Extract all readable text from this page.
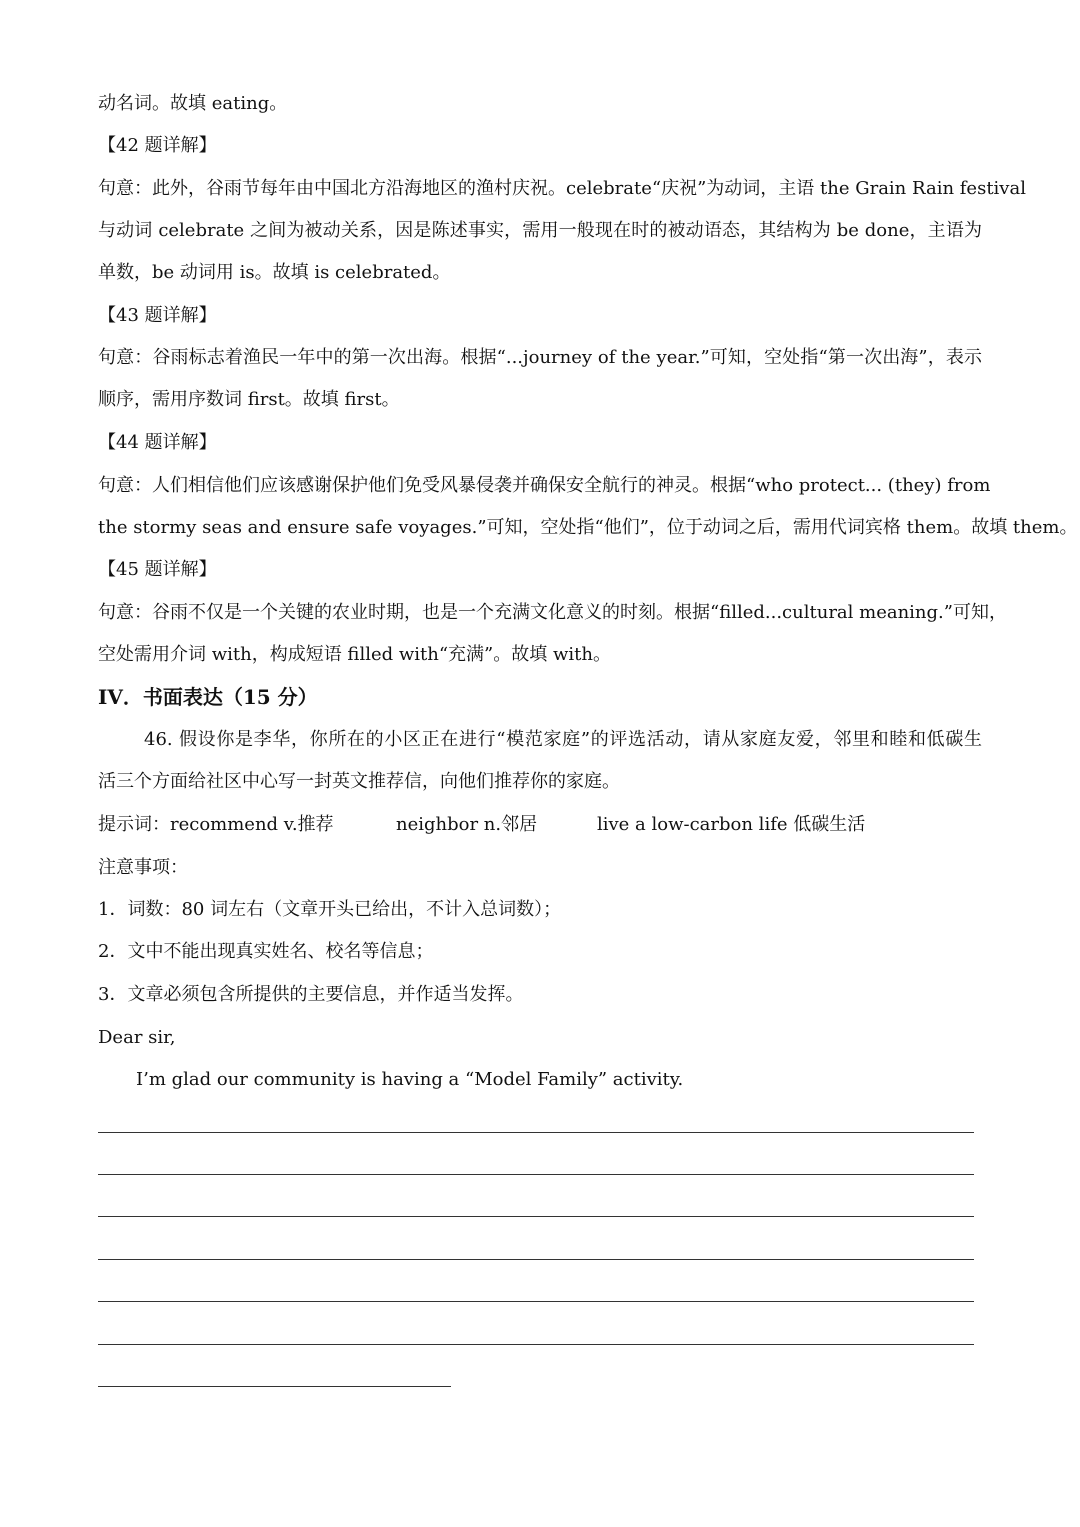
动名词。故填 eating。
【42 题详解】
句意：此外，谷雨节每年由中国北方沿海地区的渔村庆祝。celebrate“庆祝”为动词，主语 the Grain Rain festival
与动词 celebrate 之间为被动关系，因是陈述事实，需用一般现在时的被动语态，其结构为 be done，主语为
单数，be 动词用 is。故填 is celebrated。
【43 题详解】
句意：谷雨标志着渔民一年中的第一次出海。根据“...journey of the year.”可知，空处指“第一次出海”，表示
顺序，需用序数词 first。故填 first。
【44 题详解】
句意：人们相信他们应该感谢保护他们免受风暴侵袭并确保安全航行的神灵。根据“who protect... (they) from
the stormy seas and ensure safe voyages.”可知，空处指“他们”，位于动词之后，需用代词宾格 them。故填 them。
【45 题详解】
句意：谷雨不仅是一个关键的农业时期，也是一个充满文化意义的时刻。根据“filled...cultural meaning.”可知，
空处需用介词 with，构成短语 filled with“充满”。故填 with。
IV．书面表达（15 分）
46. 假设你是李华，你所在的小区正在进行“模范家庭”的评选活动，请从家庭友爱，邻里和睦和低碳生
活三个方面给社区中心写一封英文推荐信，向他们推荐你的家庭。
提示词：recommend v.推荐	neighbor n.邻居	live a low-carbon life 低碳生活
注意事项：
1．词数：80 词左右（文章开头已给出，不计入总词数）；
2．文中不能出现真实姓名、校名等信息；
3．文章必须包含所提供的主要信息，并作适当发挥。
Dear sir,
I’m glad our community is having a “Model Family” activity.
